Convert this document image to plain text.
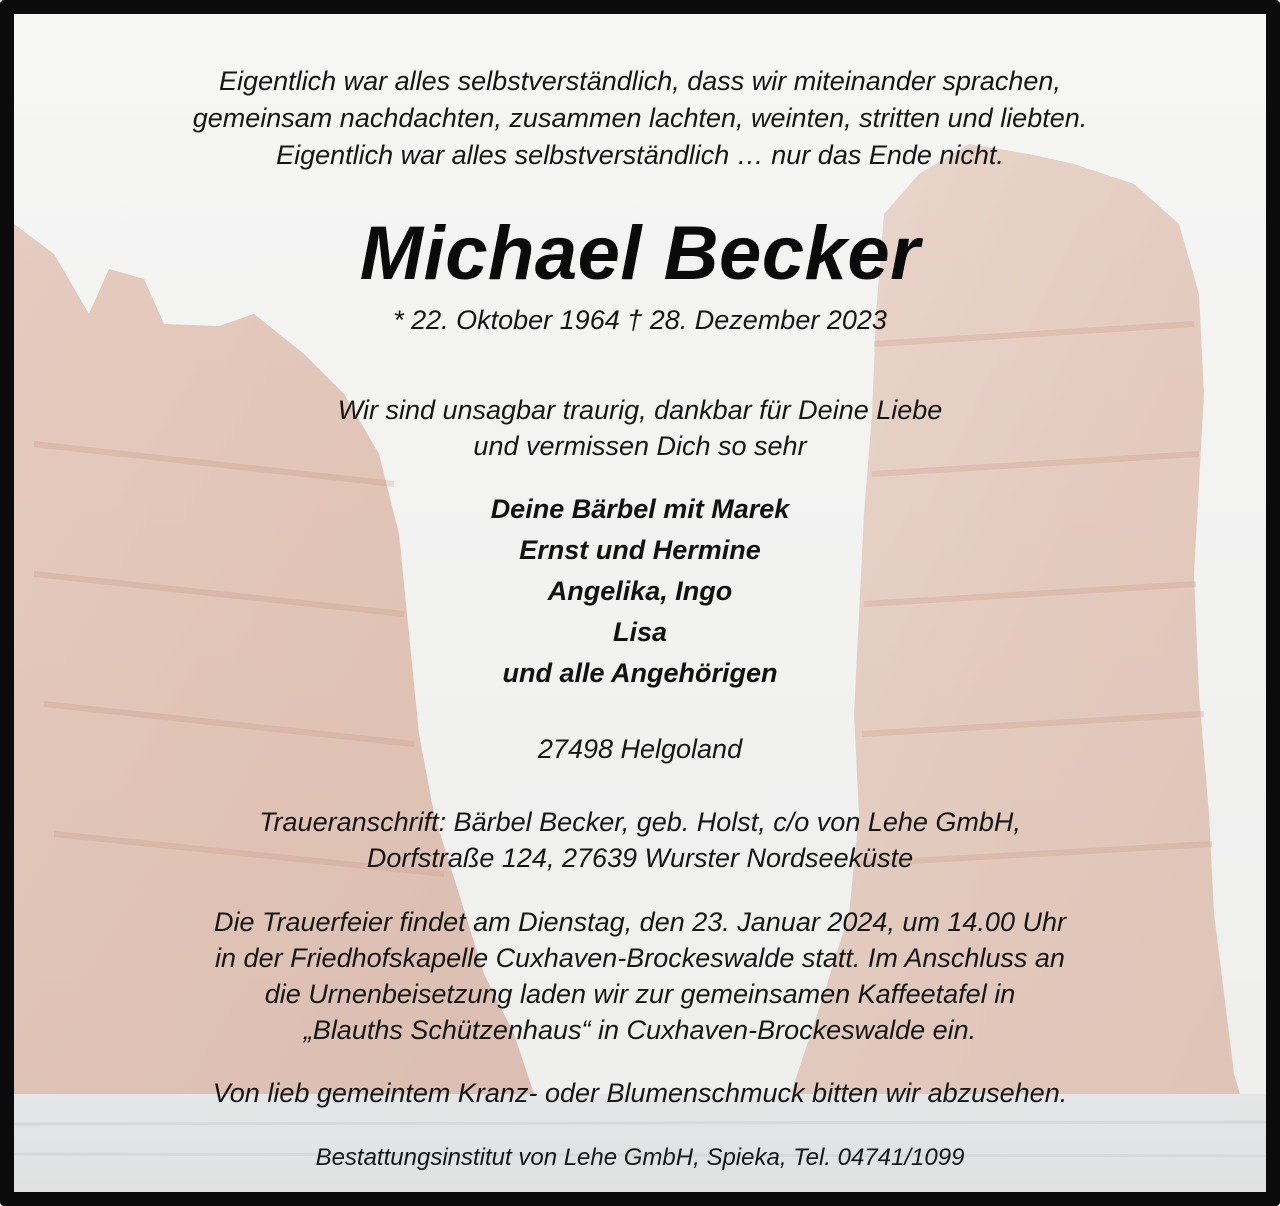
Eigentlich war alles selbstverständlich, dass wir miteinander sprachen,
gemeinsam nachdachten, zusammen lachten, weinten, stritten und liebten.
Eigentlich war alles selbstverständlich … nur das Ende nicht.
Michael Becker
* 22. Oktober 1964 † 28. Dezember 2023
Wir sind unsagbar traurig, dankbar für Deine Liebe
und vermissen Dich so sehr
Deine Bärbel mit Marek
Ernst und Hermine
Angelika, Ingo
Lisa
und alle Angehörigen
27498 Helgoland
Traueranschrift: Bärbel Becker, geb. Holst, c/o von Lehe GmbH,
Dorfstraße 124, 27639 Wurster Nordseeküste
Die Trauerfeier findet am Dienstag, den 23. Januar 2024, um 14.00 Uhr
in der Friedhofskapelle Cuxhaven-Brockeswalde statt. Im Anschluss an
die Urnenbeisetzung laden wir zur gemeinsamen Kaffeetafel in
„Blauths Schützenhaus“ in Cuxhaven-Brockeswalde ein.
Von lieb gemeintem Kranz- oder Blumenschmuck bitten wir abzusehen.
Bestattungsinstitut von Lehe GmbH, Spieka, Tel. 04741/1099
